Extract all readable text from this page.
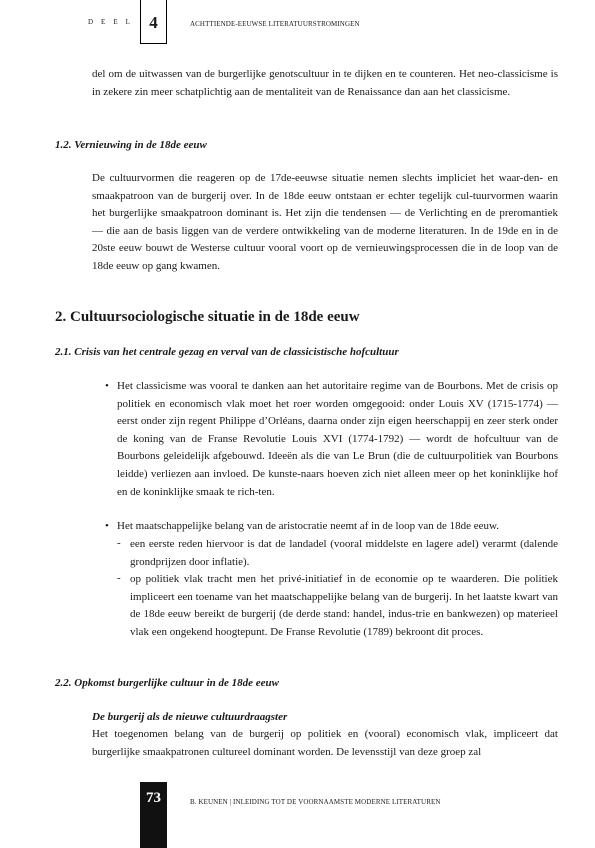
DEEL 4	ACHTTIENDE-EEUWSE LITERATUURSTROMINGEN
del om de uitwassen van de burgerlijke genotscultuur in te dijken en te counteren. Het neo-classicisme is in zekere zin meer schatplichtig aan de mentaliteit van de Renaissance dan aan het classicisme.
1.2. Vernieuwing in de 18de eeuw
De cultuurvormen die reageren op de 17de-eeuwse situatie nemen slechts impliciet het waar-den- en smaakpatroon van de burgerij over. In de 18de eeuw ontstaan er echter tegelijk cul-tuurvormen waarin het burgerlijke smaakpatroon dominant is. Het zijn die tendensen — de Verlichting en de preromantiek — die aan de basis liggen van de verdere ontwikkeling van de moderne literaturen. In de 19de en in de 20ste eeuw bouwt de Westerse cultuur vooral voort op de vernieuwingsprocessen die in de loop van de 18de eeuw op gang kwamen.
2. Cultuursociologische situatie in de 18de eeuw
2.1. Crisis van het centrale gezag en verval van de classicistische hofcultuur
• Het classicisme was vooral te danken aan het autoritaire regime van de Bourbons. Met de crisis op politiek en economisch vlak moet het roer worden omgegooid: onder Louis XV (1715-1774) — eerst onder zijn regent Philippe d’Orléans, daarna onder zijn eigen heerschappij en zeer sterk onder de koning van de Franse Revolutie Louis XVI (1774-1792) — wordt de hofcultuur van de Bourbons geleidelijk afgebouwd. Ideeën als die van Le Brun (die de cultuurpolitiek van Bourbons leidde) verliezen aan invloed. De kunste-naars hoeven zich niet alleen meer op het koninklijke hof en de koninklijke smaak te rich-ten.
• Het maatschappelijke belang van de aristocratie neemt af in de loop van de 18de eeuw.
- een eerste reden hiervoor is dat de landadel (vooral middelste en lagere adel) verarmt (dalende grondprijzen door inflatie).
- op politiek vlak tracht men het privé-initiatief in de economie op te waarderen. Die politiek impliceert een toename van het maatschappelijke belang van de burgerij. In het laatste kwart van de 18de eeuw bereikt de burgerij (de derde stand: handel, indus-trie en bankwezen) op materieel vlak een ongekend hoogtepunt. De Franse Revolutie (1789) bekroont dit proces.
2.2. Opkomst burgerlijke cultuur in de 18de eeuw
De burgerij als de nieuwe cultuurdraagster
Het toegenomen belang van de burgerij op politiek en (vooral) economisch vlak, impliceert dat burgerlijke smaakpatronen cultureel dominant worden. De levensstijl van deze groep zal
73	B. KEUNEN | INLEIDING TOT DE VOORNAAMSTE MODERNE LITERATUREN
